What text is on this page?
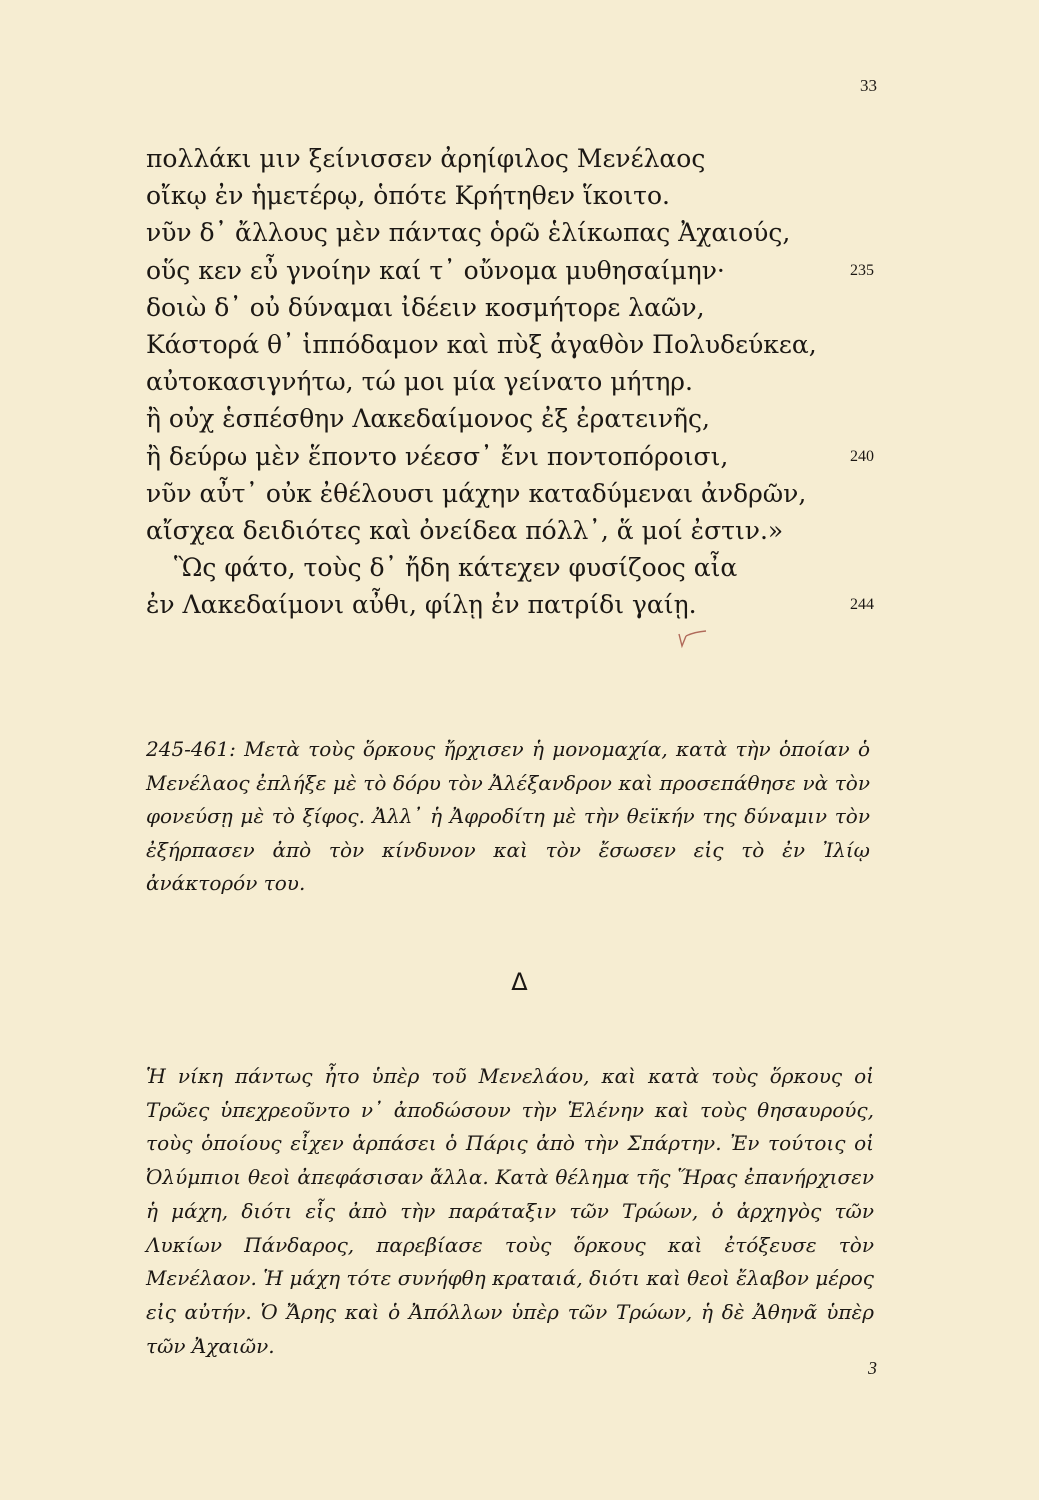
33
πολλάκι μιν ξείνισσεν ἀρηίφιλος Μενέλαος
οἴκῳ ἐν ἡμετέρῳ, ὁπότε Κρήτηθεν ἵκοιτο.
νῦν δ᾽ ἄλλους μὲν πάντας ὁρῶ ἑλίκωπας Ἀχαιούς,
οὕς κεν εὖ γνοίην καί τ᾽ οὔνομα μυθησαίμην·	235
δοιὼ δ᾽ οὐ δύναμαι ἰδέειν κοσμήτορε λαῶν,
Κάστορά θ᾽ ἱππόδαμον καὶ πὺξ ἀγαθὸν Πολυδεύκεα,
αὐτοκασιγνήτω, τώ μοι μία γείνατο μήτηρ.
ἢ οὐχ ἑσπέσθην Λακεδαίμονος ἐξ ἐρατεινῆς,
ἢ δεύρω μὲν ἕποντο νέεσσ᾽ ἔνι ποντοπόροισι,	240
νῦν αὖτ᾽ οὐκ ἐθέλουσι μάχην καταδύμεναι ἀνδρῶν,
αἴσχεα δειδιότες καὶ ὀνείδεα πόλλ᾽, ἅ μοί ἐστιν.»
Ὣς φάτο, τοὺς δ᾽ ἤδη κάτεχεν φυσίζοος αἶα
ἐν Λακεδαίμονι αὖθι, φίλῃ ἐν πατρίδι γαίῃ.	244
245-461: Μετὰ τοὺς ὅρκους ἤρχισεν ἡ μονομαχία, κατὰ τὴν ὁποίαν ὁ Μενέλαος ἐπλήξε μὲ τὸ δόρυ τὸν Ἀλέξανδρον καὶ προσεπάθησε νὰ τὸν φονεύσῃ μὲ τὸ ξίφος. Ἀλλ᾽ ἡ Ἀφροδίτη μὲ τὴν θεϊκήν της δύναμιν τὸν ἐξήρπασεν ἀπὸ τὸν κίνδυνον καὶ τὸν ἔσωσεν εἰς τὸ ἐν Ἰλίῳ ἀνάκτορόν του.
Δ
Ἡ νίκη πάντως ἦτο ὑπὲρ τοῦ Μενελάου, καὶ κατὰ τοὺς ὅρκους οἱ Τρῶες ὑπεχρεοῦντο ν᾽ ἀποδώσουν τὴν Ἑλένην καὶ τοὺς θησαυρούς, τοὺς ὁποίους εἶχεν ἁρπάσει ὁ Πάρις ἀπὸ τὴν Σπάρτην. Ἐν τούτοις οἱ Ὀλύμπιοι θεοὶ ἀπεφάσισαν ἄλλα. Κατὰ θέλημα τῆς Ἥρας ἐπανήρχισεν ἡ μάχη, διότι εἷς ἀπὸ τὴν παράταξιν τῶν Τρώων, ὁ ἀρχηγὸς τῶν Λυκίων Πάνδαρος, παρεβίασε τοὺς ὅρκους καὶ ἐτόξευσε τὸν Μενέλαον. Ἡ μάχη τότε συνήφθη κραταιά, διότι καὶ θεοὶ ἔλαβον μέρος εἰς αὐτήν. Ὁ Ἄρης καὶ ὁ Ἀπόλλων ὑπὲρ τῶν Τρώων, ἡ δὲ Ἀθηνᾶ ὑπὲρ τῶν Ἀχαιῶν.
3
